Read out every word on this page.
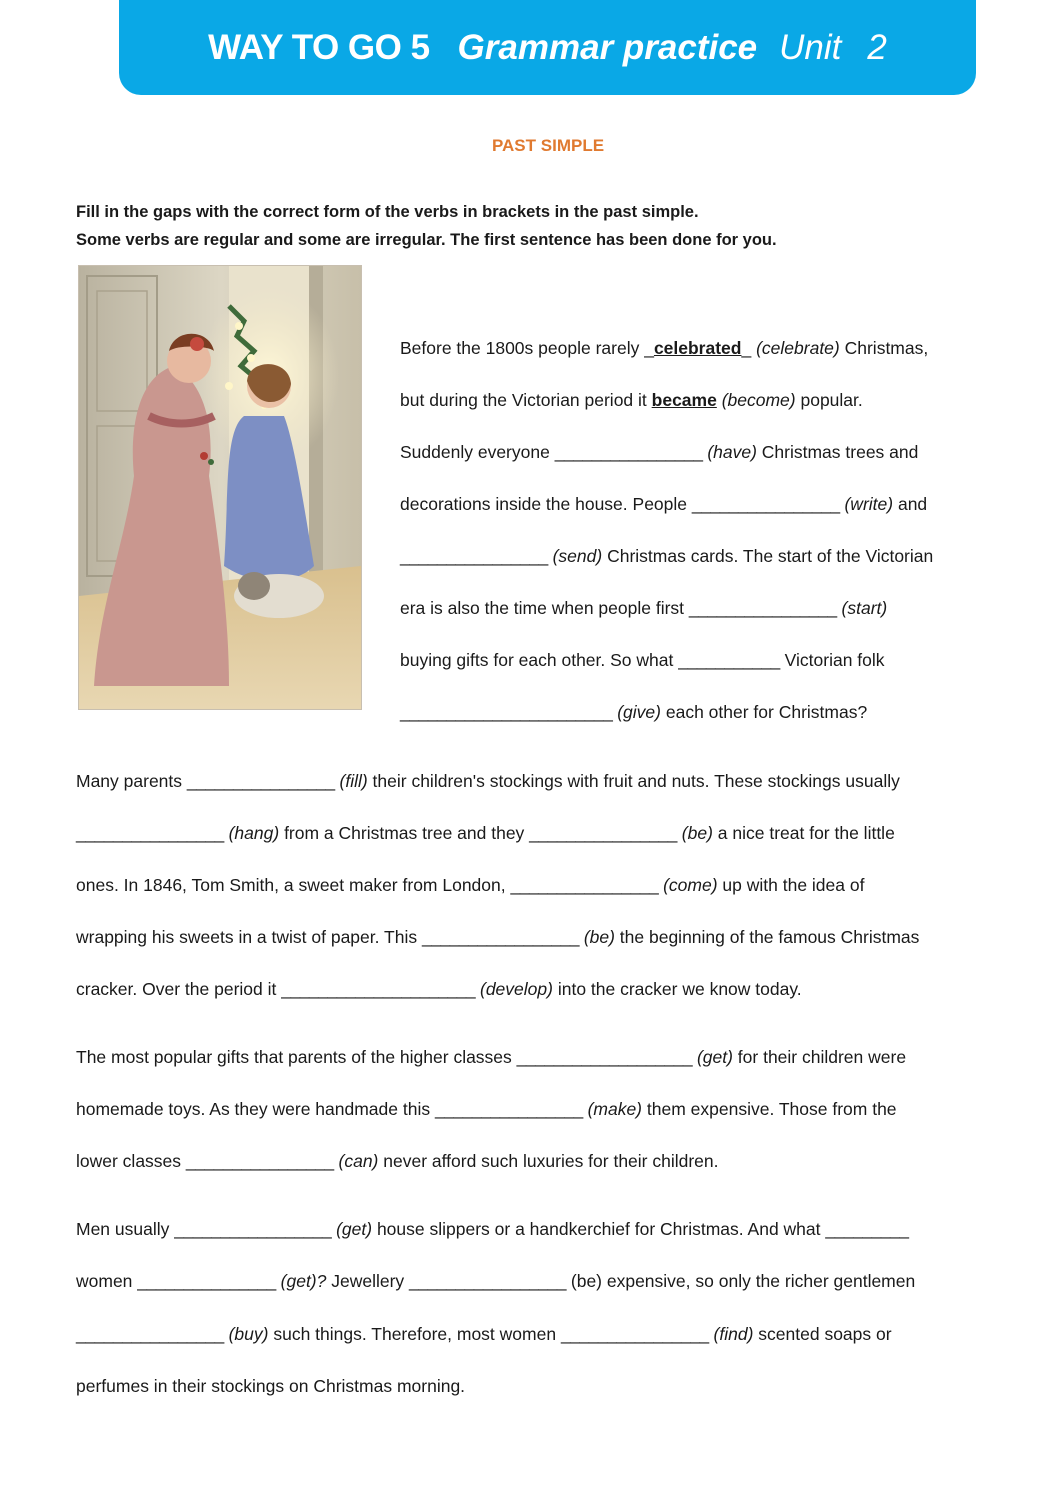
WAY TO GO 5 Grammar practice Unit 2
PAST SIMPLE
Fill in the gaps with the correct form of the verbs in brackets in the past simple.
Some verbs are regular and some are irregular. The first sentence has been done for you.
Before the 1800s people rarely _celebrated_ (celebrate) Christmas,
but during the Victorian period it became (become) popular.
Suddenly everyone ________________ (have) Christmas trees and
decorations inside the house. People ________________ (write) and
________________ (send) Christmas cards. The start of the Victorian
era is also the time when people first ________________ (start)
buying gifts for each other. So what ___________ Victorian folk
_______________________ (give) each other for Christmas?
Many parents ________________ (fill) their children's stockings with fruit and nuts. These stockings usually
________________ (hang) from a Christmas tree and they ________________ (be) a nice treat for the little
ones. In 1846, Tom Smith, a sweet maker from London, ________________ (come) up with the idea of
wrapping his sweets in a twist of paper. This _________________ (be) the beginning of the famous Christmas
cracker. Over the period it _____________________ (develop) into the cracker we know today.
The most popular gifts that parents of the higher classes ___________________ (get) for their children were
homemade toys. As they were handmade this ________________ (make) them expensive. Those from the
lower classes ________________ (can) never afford such luxuries for their children.
Men usually _________________ (get) house slippers or a handkerchief for Christmas. And what _________
women _______________ (get)? Jewellery _________________ (be) expensive, so only the richer gentlemen
________________ (buy) such things. Therefore, most women ________________ (find) scented soaps or
perfumes in their stockings on Christmas morning.
